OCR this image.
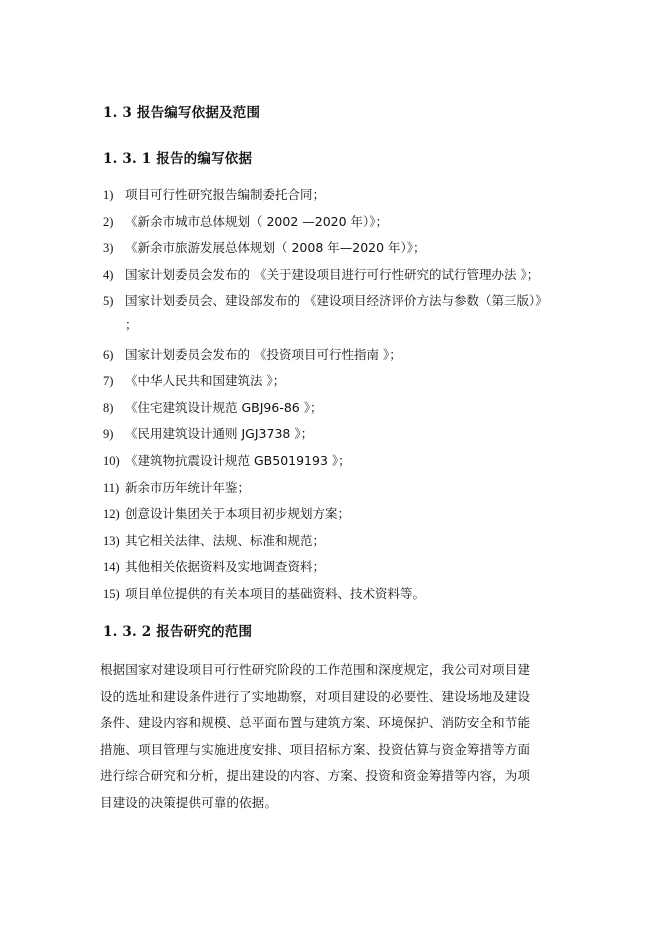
1. 3 报告编写依据及范围
1. 3. 1 报告的编写依据
1) 项目可行性研究报告编制委托合同；
2) 《新余市城市总体规划（ 2002 —2020 年）》；
3) 《新余市旅游发展总体规划（ 2008 年—2020 年）》；
4) 国家计划委员会发布的 《关于建设项目进行可行性研究的试行管理办法 》；
5) 国家计划委员会、建设部发布的 《建设项目经济评价方法与参数（第三版）》
；
6) 国家计划委员会发布的 《投资项目可行性指南 》；
7) 《中华人民共和国建筑法 》；
8) 《住宅建筑设计规范 GBJ96-86 》；
9) 《民用建筑设计通则 JGJ3738 》；
10) 《建筑物抗震设计规范 GB5019193 》；
11) 新余市历年统计年鉴；
12) 创意设计集团关于本项目初步规划方案；
13) 其它相关法律、法规、标准和规范；
14) 其他相关依据资料及实地调查资料；
15) 项目单位提供的有关本项目的基础资料、技术资料等。
1. 3. 2 报告研究的范围
根据国家对建设项目可行性研究阶段的工作范围和深度规定，我公司对项目建
设的选址和建设条件进行了实地勘察，对项目建设的必要性、建设场地及建设
条件、建设内容和规模、总平面布置与建筑方案、环境保护、消防安全和节能
措施、项目管理与实施进度安排、项目招标方案、投资估算与资金筹措等方面
进行综合研究和分析，提出建设的内容、方案、投资和资金筹措等内容，为项
目建设的决策提供可靠的依据。
